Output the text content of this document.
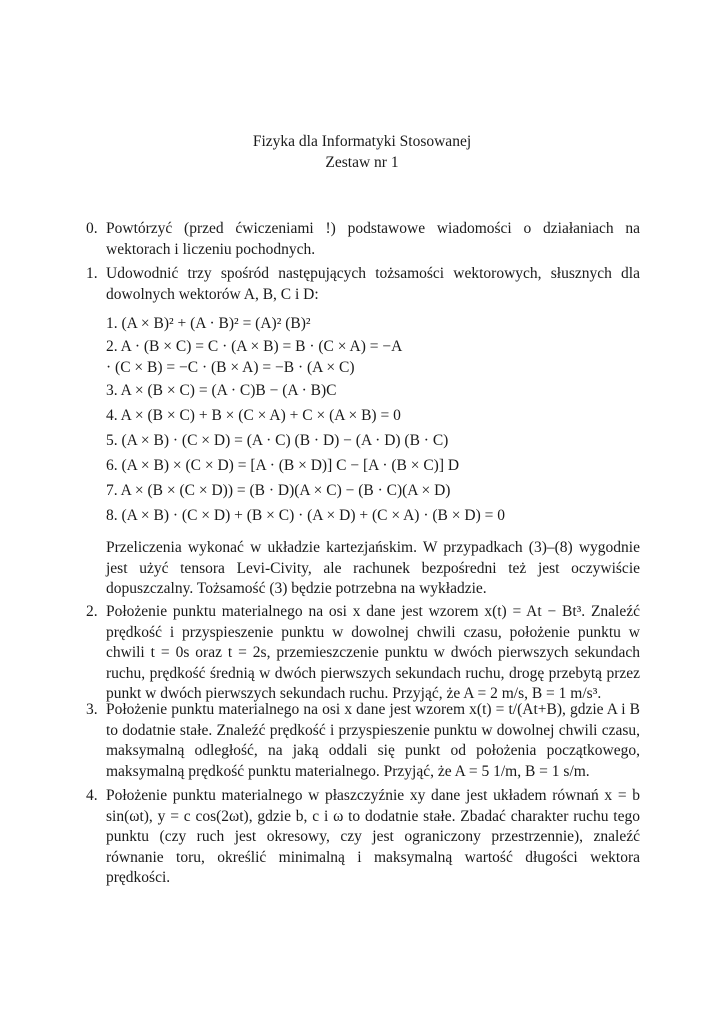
Fizyka dla Informatyki Stosowanej
Zestaw nr 1
0. Powtórzyć (przed ćwiczeniami !) podstawowe wiadomości o działaniach na wektorach i liczeniu pochodnych.
1. Udowodnić trzy spośród następujących tożsamości wektorowych, słusznych dla dowolnych wektorów A, B, C i D:
1. (A × B)² + (A · B)² = (A)² (B)²
2. A · (B × C) = C · (A × B) = B · (C × A) = −A · (C × B) = −C · (B × A) = −B · (A × C)
3. A × (B × C) = (A · C)B − (A · B)C
4. A × (B × C) + B × (C × A) + C × (A × B) = 0
5. (A × B) · (C × D) = (A · C) (B · D) − (A · D) (B · C)
6. (A × B) × (C × D) = [A · (B × D)] C − [A · (B × C)] D
7. A × (B × (C × D)) = (B · D)(A × C) − (B · C)(A × D)
8. (A × B) · (C × D) + (B × C) · (A × D) + (C × A) · (B × D) = 0
Przeliczenia wykonać w układzie kartezjańskim. W przypadkach (3)–(8) wygodnie jest użyć tensora Levi-Civity, ale rachunek bezpośredni też jest oczywiście dopuszczalny. Tożsamość (3) będzie potrzebna na wykładzie.
2. Położenie punktu materialnego na osi x dane jest wzorem x(t) = At − Bt³. Znaleźć prędkość i przyspieszenie punktu w dowolnej chwili czasu, położenie punktu w chwili t = 0s oraz t = 2s, przemieszczenie punktu w dwóch pierwszych sekundach ruchu, prędkość średnią w dwóch pierwszych sekundach ruchu, drogę przebytą przez punkt w dwóch pierwszych sekundach ruchu. Przyjąć, że A = 2 m/s, B = 1 m/s³.
3. Położenie punktu materialnego na osi x dane jest wzorem x(t) = t/(At+B), gdzie A i B to dodatnie stałe. Znaleźć prędkość i przyspieszenie punktu w dowolnej chwili czasu, maksymalną odległość, na jaką oddali się punkt od położenia początkowego, maksymalną prędkość punktu materialnego. Przyjąć, że A = 5 1/m, B = 1 s/m.
4. Położenie punktu materialnego w płaszczyźnie xy dane jest układem równań x = b sin(ωt), y = c cos(2ωt), gdzie b, c i ω to dodatnie stałe. Zbadać charakter ruchu tego punktu (czy ruch jest okresowy, czy jest ograniczony przestrzennie), znaleźć równanie toru, określić minimalną i maksymalną wartość długości wektora prędkości.
